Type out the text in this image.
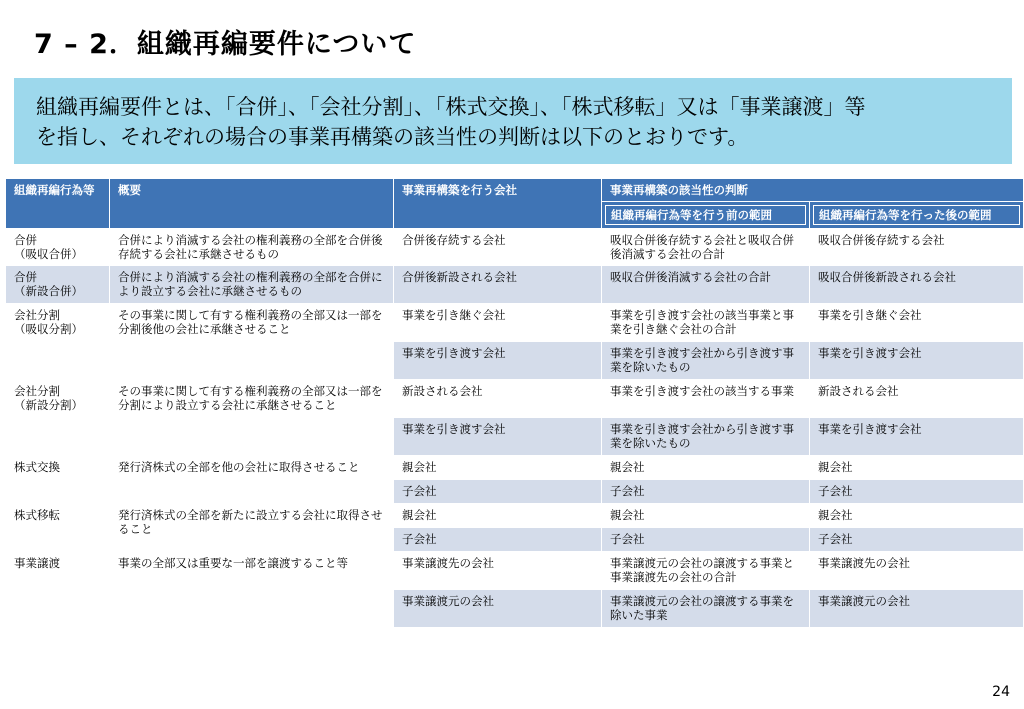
7 – 2．組織再編要件について
組織再編要件とは、「合併」、「会社分割」、「株式交換」、「株式移転」又は「事業譲渡」等
を指し、それぞれの場合の事業再構築の該当性の判断は以下のとおりです。
組織再編行為等	概要	事業再構築を行う会社	事業再構築の該当性の判断	

			組織再編行為等を行う前の範囲	組織再編行為等を行った後の範囲

合併
（吸収合併）	合併により消滅する会社の権利義務の全部を合併後存続する会社に承継させるもの	合併後存続する会社	吸収合併後存続する会社と吸収合併後消滅する会社の合計	吸収合併後存続する会社
合併
（新設合併）	合併により消滅する会社の権利義務の全部を合併により設立する会社に承継させるもの	合併後新設される会社	吸収合併後消滅する会社の合計	吸収合併後新設される会社
会社分割
（吸収分割）	その事業に関して有する権利義務の全部又は一部を分割後他の会社に承継させること	事業を引き継ぐ会社	事業を引き渡す会社の該当事業と事業を引き継ぐ会社の合計	事業を引き継ぐ会社
		事業を引き渡す会社	事業を引き渡す会社から引き渡す事業を除いたもの	事業を引き渡す会社
会社分割
（新設分割）	その事業に関して有する権利義務の全部又は一部を分割により設立する会社に承継させること	新設される会社	事業を引き渡す会社の該当する事業	新設される会社
		事業を引き渡す会社	事業を引き渡す会社から引き渡す事業を除いたもの	事業を引き渡す会社
株式交換	発行済株式の全部を他の会社に取得させること	親会社	親会社	親会社
		子会社	子会社	子会社
株式移転	発行済株式の全部を新たに設立する会社に取得させること	親会社	親会社	親会社
		子会社	子会社	子会社
事業譲渡	事業の全部又は重要な一部を譲渡すること等	事業譲渡先の会社	事業譲渡元の会社の譲渡する事業と事業譲渡先の会社の合計	事業譲渡先の会社
		事業譲渡元の会社	事業譲渡元の会社の譲渡する事業を除いた事業	事業譲渡元の会社
24
